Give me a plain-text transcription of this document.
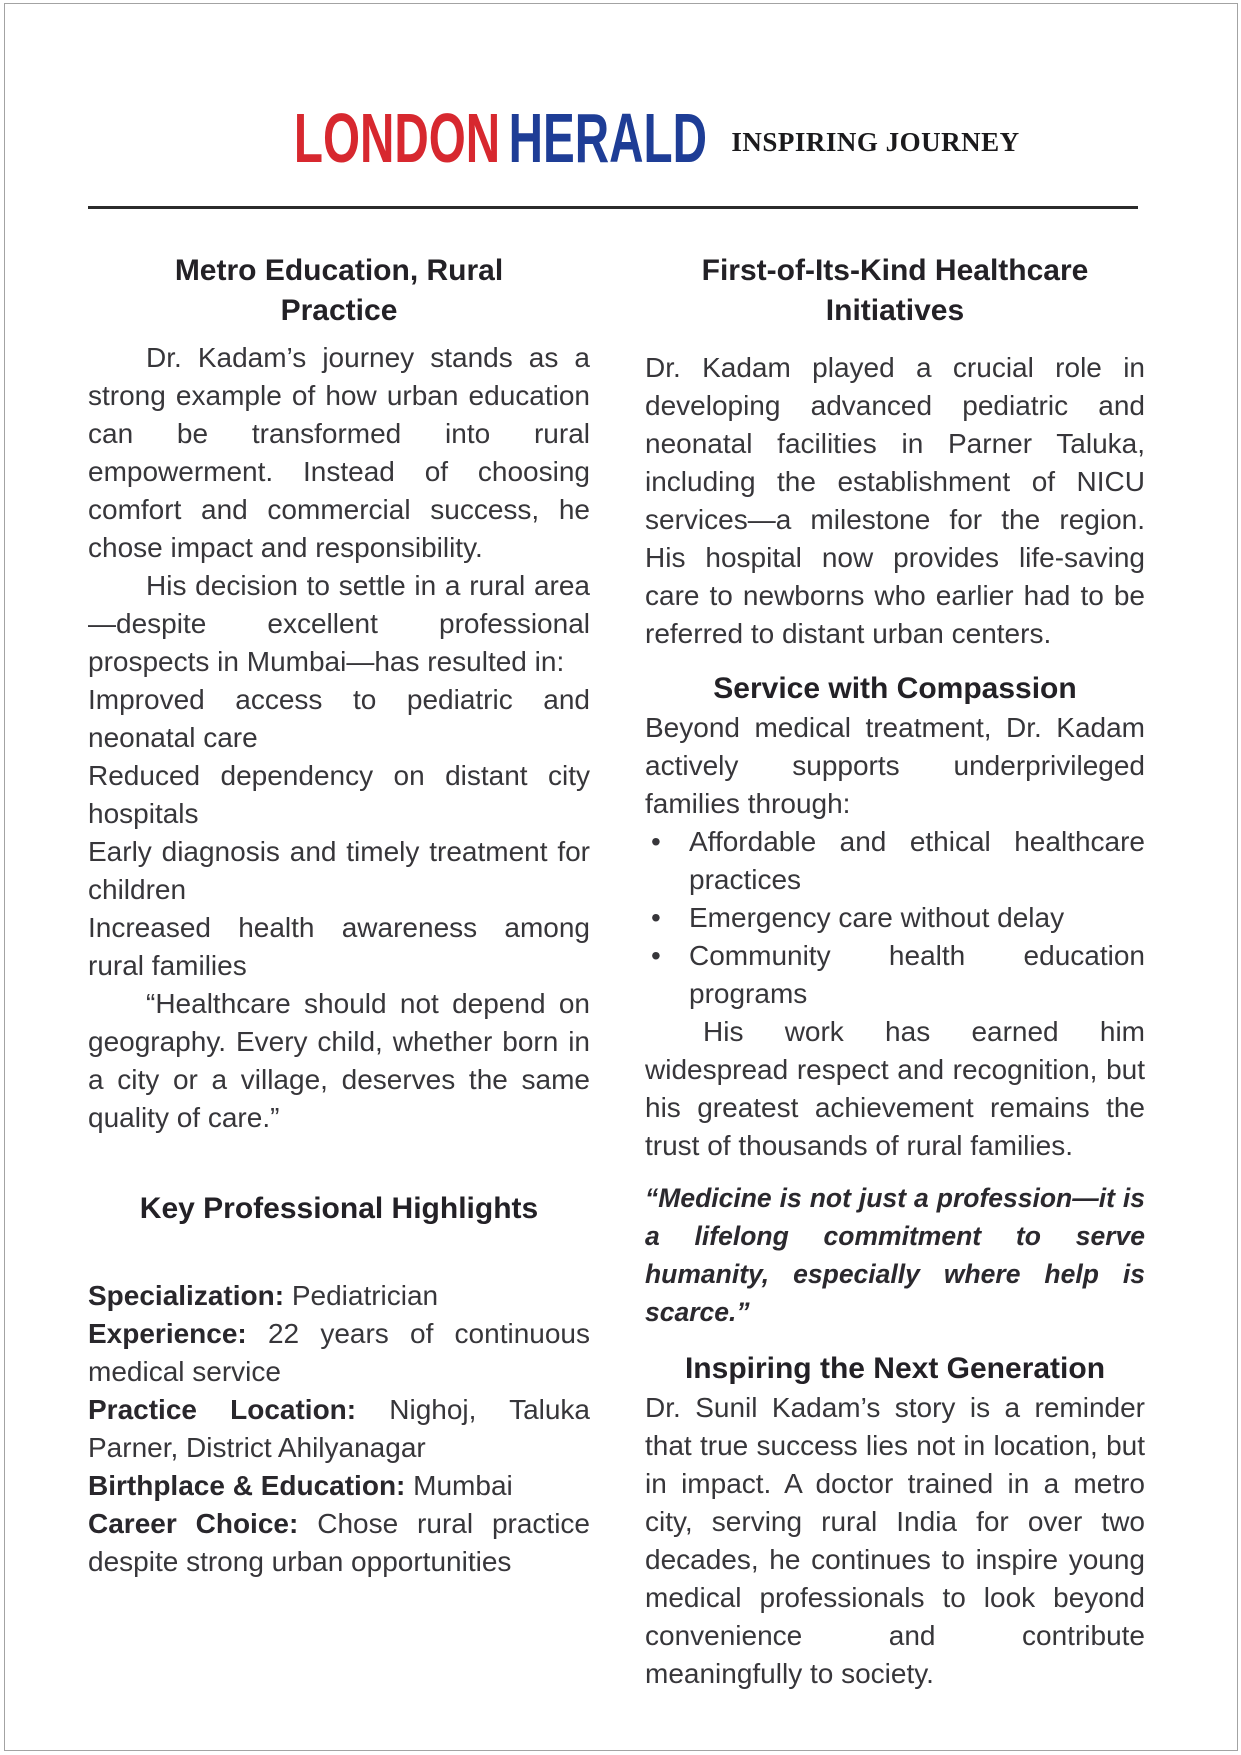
LONDON HERALD INSPIRING JOURNEY
Metro Education, Rural Practice

Dr. Kadam’s journey stands as a strong example of how urban education can be transformed into rural empowerment. Instead of choosing comfort and commercial success, he chose impact and responsibility.

His decision to settle in a rural area—despite excellent professional prospects in Mumbai—has resulted in:

Improved access to pediatric and neonatal care

Reduced dependency on distant city hospitals

Early diagnosis and timely treatment for children

Increased health awareness among rural families

“Healthcare should not depend on geography. Every child, whether born in a city or a village, deserves the same quality of care.”

Key Professional Highlights

Specialization: Pediatrician

Experience: 22 years of continuous medical service

Practice Location: Nighoj, Taluka Parner, District Ahilyanagar

Birthplace & Education: Mumbai

Career Choice: Chose rural practice despite strong urban opportunities

First-of-Its-Kind Healthcare Initiatives

Dr. Kadam played a crucial role in developing advanced pediatric and neonatal facilities in Parner Taluka, including the establishment of NICU services—a milestone for the region. His hospital now provides life-saving care to newborns who earlier had to be referred to distant urban centers.

Service with Compassion

Beyond medical treatment, Dr. Kadam actively supports underprivileged families through:

• Affordable and ethical healthcare practices
• Emergency care without delay
• Community health education programs

His work has earned him widespread respect and recognition, but his greatest achievement remains the trust of thousands of rural families.

“Medicine is not just a profession—it is a lifelong commitment to serve humanity, especially where help is scarce.”

Inspiring the Next Generation

Dr. Sunil Kadam’s story is a reminder that true success lies not in location, but in impact. A doctor trained in a metro city, serving rural India for over two decades, he continues to inspire young medical professionals to look beyond convenience and contribute meaningfully to society.
